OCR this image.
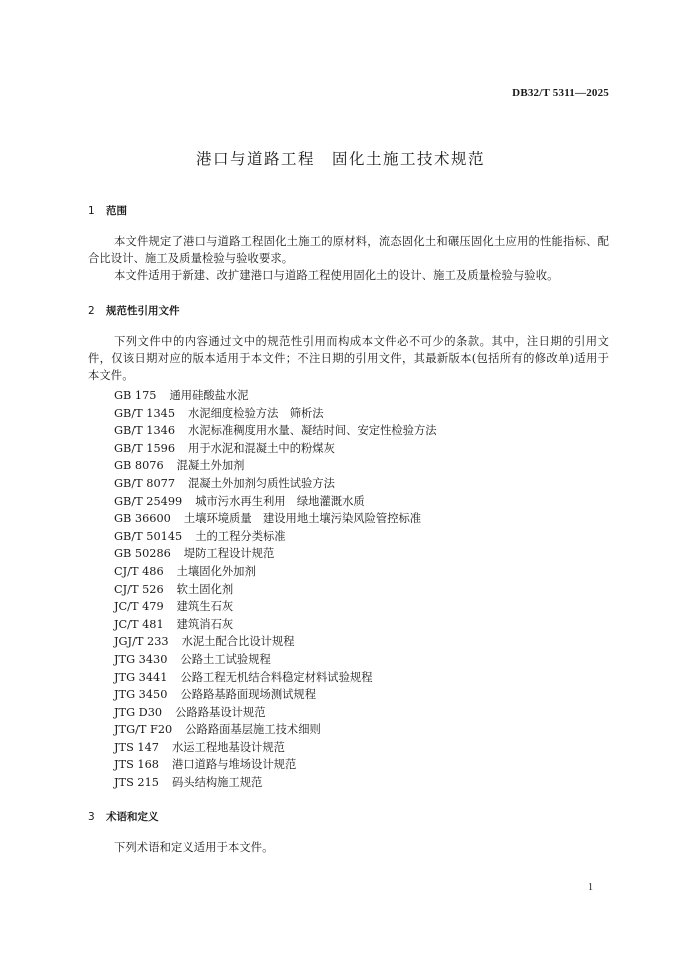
DB32/T 5311—2025
港口与道路工程　固化土施工技术规范
1 范围

本文件规定了港口与道路工程固化土施工的原材料，流态固化土和碾压固化土应用的性能指标、配合比设计、施工及质量检验与验收要求。

本文件适用于新建、改扩建港口与道路工程使用固化土的设计、施工及质量检验与验收。

2 规范性引用文件

下列文件中的内容通过文中的规范性引用而构成本文件必不可少的条款。其中，注日期的引用文件，仅该日期对应的版本适用于本文件；不注日期的引用文件，其最新版本(包括所有的修改单)适用于本文件。

GB 175 通用硅酸盐水泥
GB/T 1345 水泥细度检验方法　筛析法
GB/T 1346 水泥标准稠度用水量、凝结时间、安定性检验方法
GB/T 1596 用于水泥和混凝土中的粉煤灰
GB 8076 混凝土外加剂
GB/T 8077 混凝土外加剂匀质性试验方法
GB/T 25499 城市污水再生利用　绿地灌溉水质
GB 36600 土壤环境质量　建设用地土壤污染风险管控标准
GB/T 50145 土的工程分类标准
GB 50286 堤防工程设计规范
CJ/T 486 土壤固化外加剂
CJ/T 526 软土固化剂
JC/T 479 建筑生石灰
JC/T 481 建筑消石灰
JGJ/T 233 水泥土配合比设计规程
JTG 3430 公路土工试验规程
JTG 3441 公路工程无机结合料稳定材料试验规程
JTG 3450 公路路基路面现场测试规程
JTG D30 公路路基设计规范
JTG/T F20 公路路面基层施工技术细则
JTS 147 水运工程地基设计规范
JTS 168 港口道路与堆场设计规范
JTS 215 码头结构施工规范
3 术语和定义

下列术语和定义适用于本文件。

1
